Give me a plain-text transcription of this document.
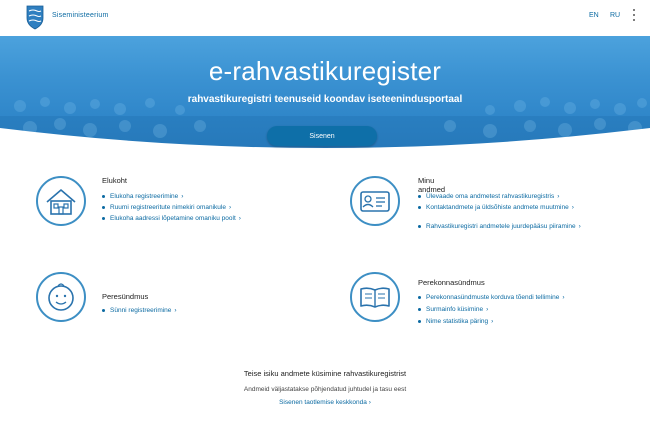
Siseministeerium	EN RU
e-rahvastikuregister
rahvastikuregistri teenuseid koondav iseteenindusportaal
Sisenen
Elukoht
Elukoha registreerimine ›
Ruumi registreeritute nimekiri omanikule ›
Elukoha aadressi lõpetamine omaniku poolt ›
Minu andmed
Ülevaade oma andmetest rahvastikuregistris ›
Kontaktandmete ja üldsõhiste andmete muutmine ›
Rahvastikuregistri andmetele juurdepääsu piiramine ›
Peresündmus
Sünni registreerimine ›
Perekonnasündmus
Perekonnasündmuste korduva tõendi tellimine ›
Surmainfo küsimine ›
Nime statistika päring ›
Teise isiku andmete küsimine rahvastikuregistrist
Andmeid väljastatakse põhjendatud juhtudel ja tasu eest
Sisenen taotlemise keskkonda ›
